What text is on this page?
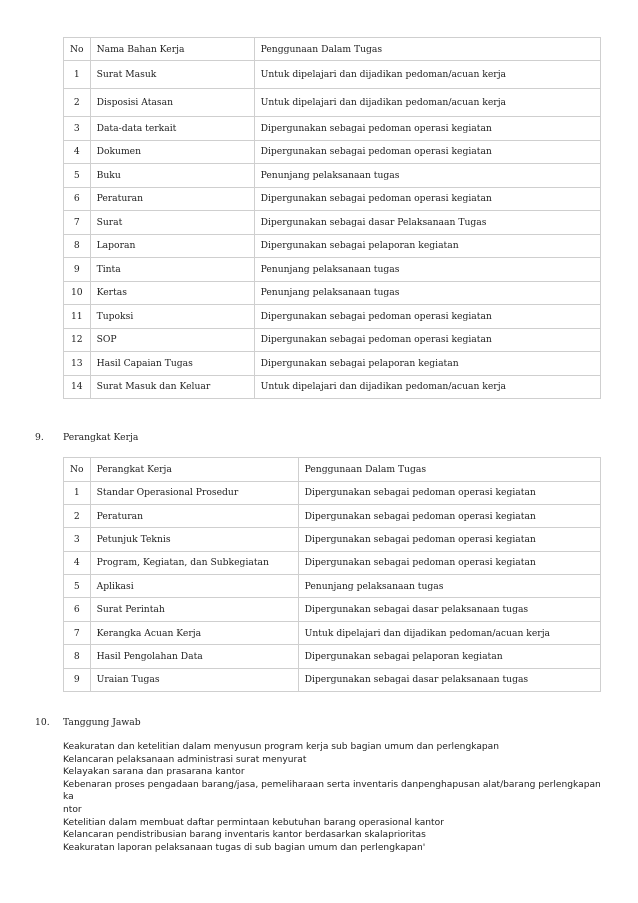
No	Nama Bahan Kerja	Penggunaan Dalam Tugas
1	Surat Masuk	Untuk dipelajari dan dijadikan pedoman/acuan kerja
2	Disposisi Atasan	Untuk dipelajari dan dijadikan pedoman/acuan kerja
3	Data-data terkait	Dipergunakan sebagai pedoman operasi kegiatan
4	Dokumen	Dipergunakan sebagai pedoman operasi kegiatan
5	Buku	Penunjang pelaksanaan tugas
6	Peraturan	Dipergunakan sebagai pedoman operasi kegiatan
7	Surat	Dipergunakan sebagai dasar Pelaksanaan Tugas
8	Laporan	Dipergunakan sebagai pelaporan kegiatan
9	Tinta	Penunjang pelaksanaan tugas
10	Kertas	Penunjang pelaksanaan tugas
11	Tupoksi	Dipergunakan sebagai pedoman operasi kegiatan
12	SOP	Dipergunakan sebagai pedoman operasi kegiatan
13	Hasil Capaian Tugas	Dipergunakan sebagai pelaporan kegiatan
14	Surat Masuk dan Keluar	Untuk dipelajari dan dijadikan pedoman/acuan kerja
9. Perangkat Kerja
No	Perangkat Kerja	Penggunaan Dalam Tugas
1	Standar Operasional Prosedur	Dipergunakan sebagai pedoman operasi kegiatan
2	Peraturan	Dipergunakan sebagai pedoman operasi kegiatan
3	Petunjuk Teknis	Dipergunakan sebagai pedoman operasi kegiatan
4	Program, Kegiatan, dan Subkegiatan	Dipergunakan sebagai pedoman operasi kegiatan
5	Aplikasi	Penunjang pelaksanaan tugas
6	Surat Perintah	Dipergunakan sebagai dasar pelaksanaan tugas
7	Kerangka Acuan Kerja	Untuk dipelajari dan dijadikan pedoman/acuan kerja
8	Hasil Pengolahan Data	Dipergunakan sebagai pelaporan kegiatan
9	Uraian Tugas	Dipergunakan sebagai dasar pelaksanaan tugas
10. Tanggung Jawab
Keakuratan dan ketelitian dalam menyusun program kerja sub bagian umum dan perlengkapan
Kelancaran pelaksanaan administrasi surat menyurat
Kelayakan sarana dan prasarana kantor
Kebenaran proses pengadaan barang/jasa, pemeliharaan serta inventaris danpenghapusan alat/barang perlengkapan ka
ntor
Ketelitian dalam membuat daftar permintaan kebutuhan barang operasional kantor
Kelancaran pendistribusian barang inventaris kantor berdasarkan skalaprioritas
Keakuratan laporan pelaksanaan tugas di sub bagian umum dan perlengkapan'
